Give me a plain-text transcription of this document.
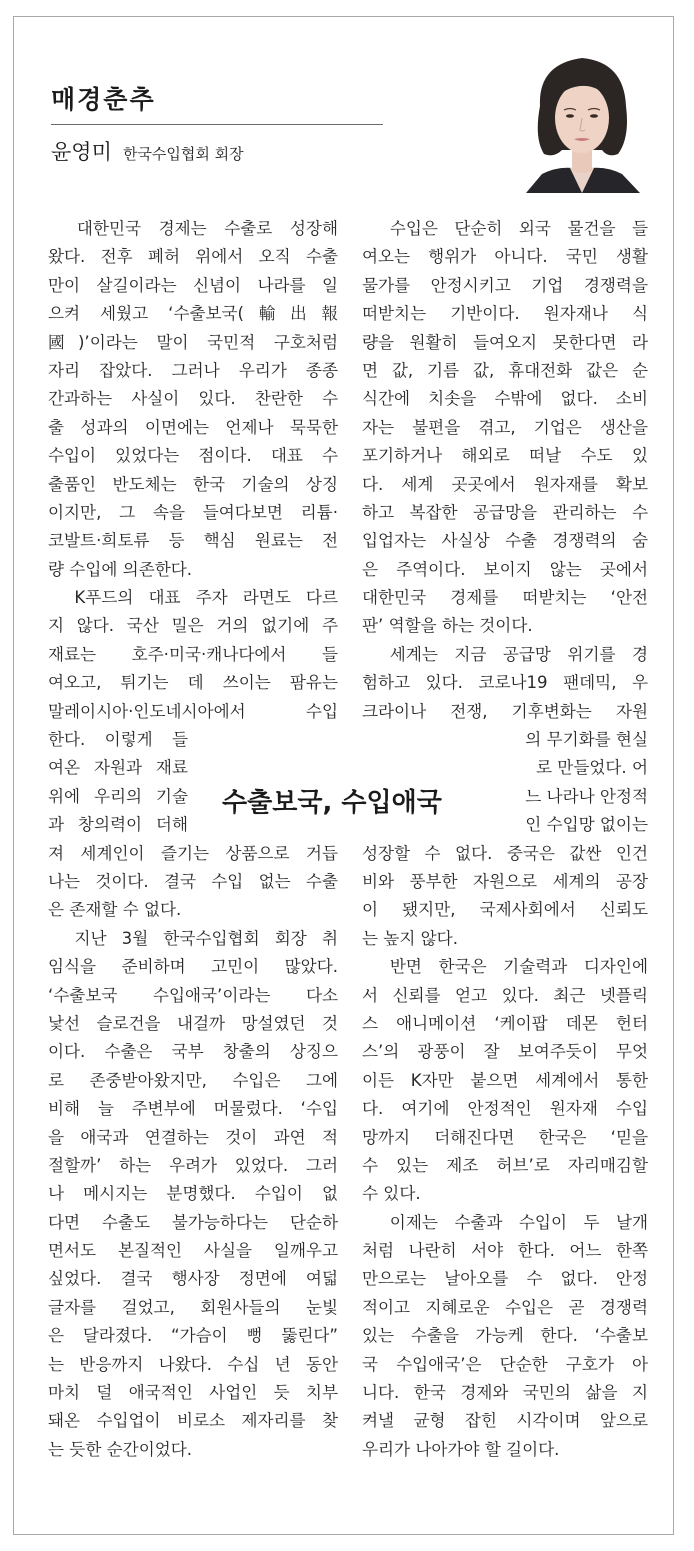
매경춘추
윤영미 한국수입협회 회장
　대한민국 경제는 수출로 성장해
왔다. 전후 폐허 위에서 오직 수출
만이 살길이라는 신념이 나라를 일
으켜 세웠고 ‘수출보국(輸出報
國)’이라는 말이 국민적 구호처럼
자리 잡았다. 그러나 우리가 종종
간과하는 사실이 있다. 찬란한 수
출 성과의 이면에는 언제나 묵묵한
수입이 있었다는 점이다. 대표 수
출품인 반도체는 한국 기술의 상징
이지만, 그 속을 들여다보면 리튬·
코발트·희토류 등 핵심 원료는 전
량 수입에 의존한다.
　K푸드의 대표 주자 라면도 다르
지 않다. 국산 밀은 거의 없기에 주
재료는 호주·미국·캐나다에서 들
여오고, 튀기는 데 쓰이는 팜유는
말레이시아·인도네시아에서 수입
한다. 이렇게 들
여온 자원과 재료
위에 우리의 기술
과 창의력이 더해
져 세계인이 즐기는 상품으로 거듭
나는 것이다. 결국 수입 없는 수출
은 존재할 수 없다.
　지난 3월 한국수입협회 회장 취
임식을 준비하며 고민이 많았다.
‘수출보국 수입애국’이라는 다소
낯선 슬로건을 내걸까 망설였던 것
이다. 수출은 국부 창출의 상징으
로 존중받아왔지만, 수입은 그에
비해 늘 주변부에 머물렀다. ‘수입
을 애국과 연결하는 것이 과연 적
절할까’ 하는 우려가 있었다. 그러
나 메시지는 분명했다. 수입이 없
다면 수출도 불가능하다는 단순하
면서도 본질적인 사실을 일깨우고
싶었다. 결국 행사장 정면에 여덟
글자를 걸었고, 회원사들의 눈빛
은 달라졌다. “가슴이 뻥 뚫린다”
는 반응까지 나왔다. 수십 년 동안
마치 덜 애국적인 사업인 듯 치부
돼온 수입업이 비로소 제자리를 찾
는 듯한 순간이었다.
수출보국, 수입애국
　수입은 단순히 외국 물건을 들
여오는 행위가 아니다. 국민 생활
물가를 안정시키고 기업 경쟁력을
떠받치는 기반이다. 원자재나 식
량을 원활히 들여오지 못한다면 라
면 값, 기름 값, 휴대전화 값은 순
식간에 치솟을 수밖에 없다. 소비
자는 불편을 겪고, 기업은 생산을
포기하거나 해외로 떠날 수도 있
다. 세계 곳곳에서 원자재를 확보
하고 복잡한 공급망을 관리하는 수
입업자는 사실상 수출 경쟁력의 숨
은 주역이다. 보이지 않는 곳에서
대한민국 경제를 떠받치는 ‘안전
판’ 역할을 하는 것이다.
　세계는 지금 공급망 위기를 경
험하고 있다. 코로나19 팬데믹, 우
크라이나 전쟁, 기후변화는 자원
의 무기화를 현실
로 만들었다. 어
느 나라나 안정적
인 수입망 없이는
성장할 수 없다. 중국은 값싼 인건
비와 풍부한 자원으로 세계의 공장
이 됐지만, 국제사회에서 신뢰도
는 높지 않다.
　반면 한국은 기술력과 디자인에
서 신뢰를 얻고 있다. 최근 넷플릭
스 애니메이션 ‘케이팝 데몬 헌터
스’의 광풍이 잘 보여주듯이 무엇
이든 K자만 붙으면 세계에서 통한
다. 여기에 안정적인 원자재 수입
망까지 더해진다면 한국은 ‘믿을
수 있는 제조 허브’로 자리매김할
수 있다.
　이제는 수출과 수입이 두 날개
처럼 나란히 서야 한다. 어느 한쪽
만으로는 날아오를 수 없다. 안정
적이고 지혜로운 수입은 곧 경쟁력
있는 수출을 가능케 한다. ‘수출보
국 수입애국’은 단순한 구호가 아
니다. 한국 경제와 국민의 삶을 지
켜낼 균형 잡힌 시각이며 앞으로
우리가 나아가야 할 길이다.
